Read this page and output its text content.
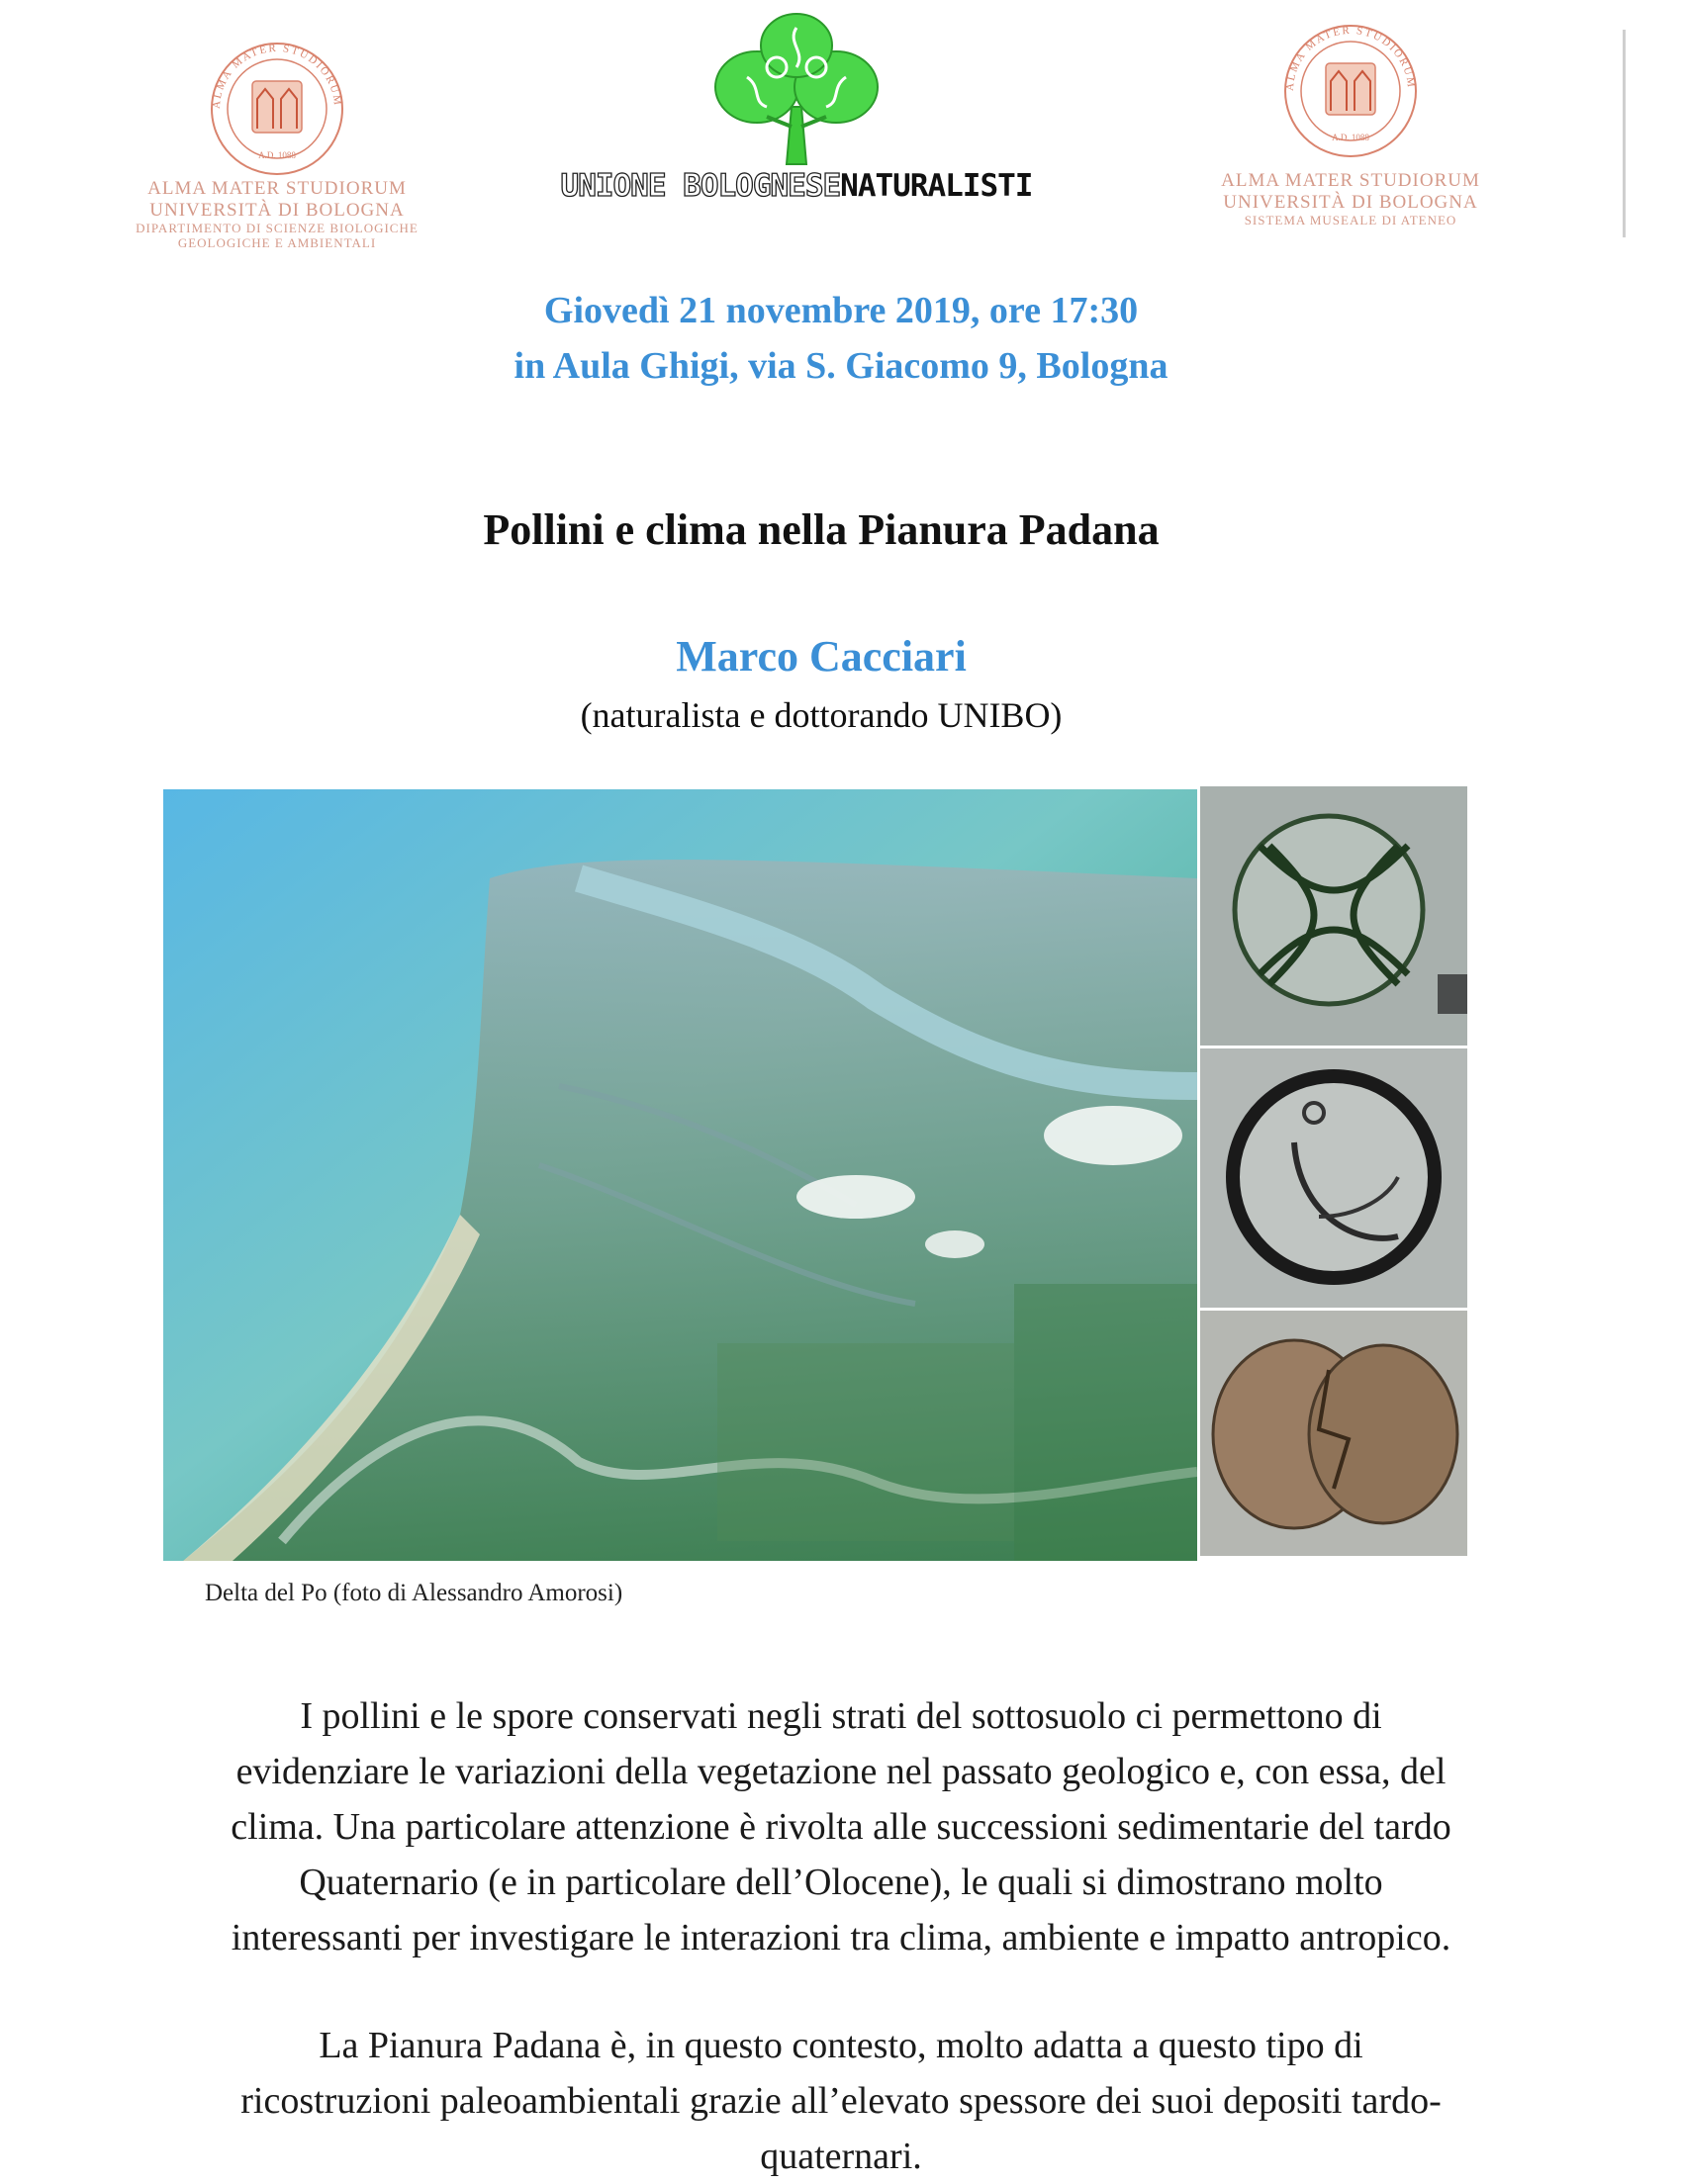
ALMA MATER STUDIORUM
A.D. 1088
ALMA MATER STUDIORUM
UNIVERSITÀ DI BOLOGNA
DIPARTIMENTO DI SCIENZE BIOLOGICHE
GEOLOGICHE E AMBIENTALI
UNIONE BOLOGNESENATURALISTI
ALMA MATER STUDIORUM
A.D. 1088
ALMA MATER STUDIORUM
UNIVERSITÀ DI BOLOGNA
SISTEMA MUSEALE DI ATENEO
Giovedì 21 novembre 2019, ore 17:30
in Aula Ghigi, via S. Giacomo 9, Bologna
Pollini e clima nella Pianura Padana
Marco Cacciari
(naturalista e dottorando UNIBO)
Delta del Po (foto di Alessandro Amorosi)
I pollini e le spore conservati negli strati del sottosuolo ci permettono di
evidenziare le variazioni della vegetazione nel passato geologico e, con essa, del
clima. Una particolare attenzione è rivolta alle successioni sedimentarie del tardo
Quaternario (e in particolare dell’Olocene), le quali si dimostrano molto
interessanti per investigare le interazioni tra clima, ambiente e impatto antropico.
La Pianura Padana è, in questo contesto, molto adatta a questo tipo di
ricostruzioni paleoambientali grazie all’elevato spessore dei suoi depositi tardo-
quaternari.
